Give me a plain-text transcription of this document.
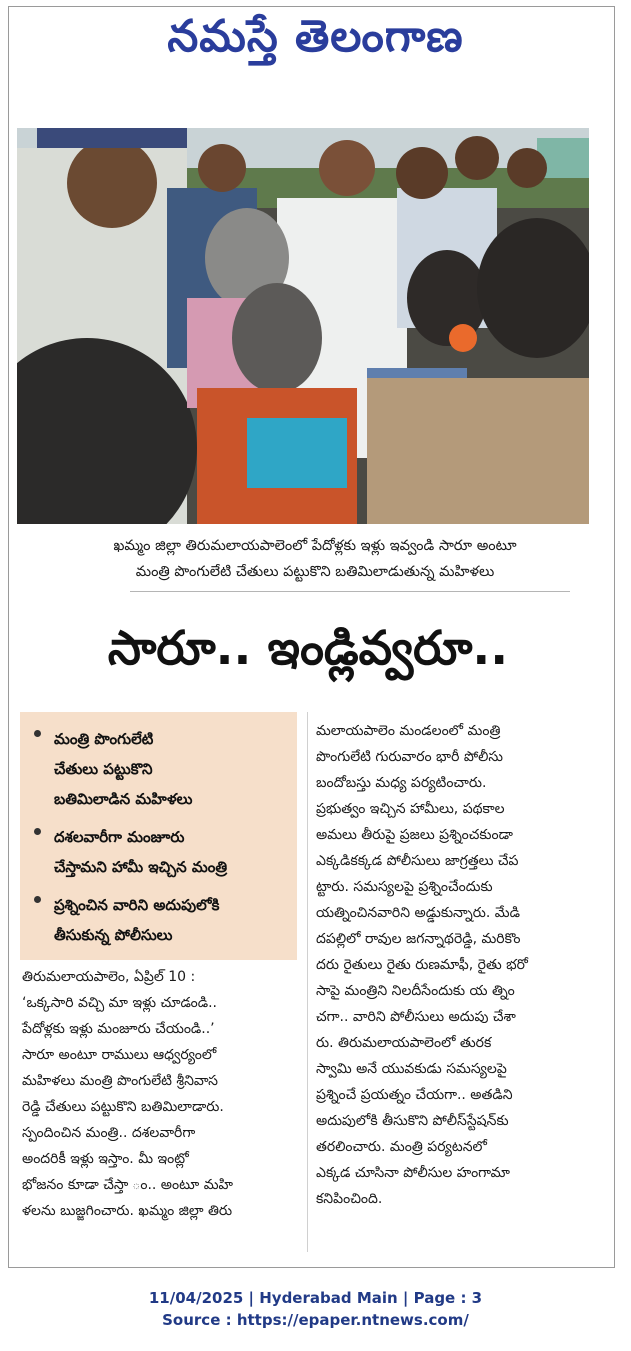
నమస్తే తెలంగాణ
ఖమ్మం జిల్లా తిరుమలాయపాలెంలో పేదోళ్లకు ఇళ్లు ఇవ్వండి సారూ అంటూ
మంత్రి పొంగులేటి చేతులు పట్టుకొని బతిమిలాడుతున్న మహిళలు
సారూ.. ఇండ్లివ్వరూ..
మంత్రి పొంగులేటి
చేతులు పట్టుకొని
బతిమిలాడిన మహిళలు
దశలవారీగా మంజూరు
చేస్తామని హామీ ఇచ్చిన మంత్రి
ప్రశ్నించిన వారిని అదుపులోకి
తీసుకున్న పోలీసులు

తిరుమలాయపాలెం, ఏప్రిల్ 10 :

‘ఒక్కసారి వచ్చి మా ఇళ్లు చూడండి..

పేదోళ్లకు ఇళ్లు మంజూరు చేయండి..’

సారూ అంటూ రాములు ఆధ్వర్యంలో

మహిళలు మంత్రి పొంగులేటి శ్రీనివాస

రెడ్డి చేతులు పట్టుకొని బతిమిలాడారు.

స్పందించిన మంత్రి.. దశలవారీగా

అందరికీ ఇళ్లు ఇస్తాం. మీ ఇంట్లో

భోజనం కూడా చేస్తా ం.. అంటూ మహి

ళలను బుజ్జగించారు. ఖమ్మం జిల్లా తిరు

మలాయపాలెం మండలంలో మంత్రి

పొంగులేటి గురువారం భారీ పోలీసు

బందోబస్తు మధ్య పర్యటించారు.

ప్రభుత్వం ఇచ్చిన హామీలు, పథకాల

అమలు తీరుపై ప్రజలు ప్రశ్నించకుండా

ఎక్కడికక్కడ పోలీసులు జాగ్రత్తలు చేప

ట్టారు. సమస్యలపై ప్రశ్నించేందుకు

యత్నించినవారిని అడ్డుకున్నారు. మేడి

దపల్లిలో రావుల జగన్నాథరెడ్డి, మరికొం

దరు రైతులు రైతు రుణమాఫీ, రైతు భరో

సాపై మంత్రిని నిలదీసేందుకు య త్నిం

చగా.. వారిని పోలీసులు అదుపు చేశా

రు. తిరుమలాయపాలెంలో తురక

స్వామి అనే యువకుడు సమస్యలపై

ప్రశ్నించే ప్రయత్నం చేయగా.. అతడిని

అదుపులోకి తీసుకొని పోలీస్‌స్టేషన్‌కు

తరలించారు. మంత్రి పర్యటనలో

ఎక్కడ చూసినా పోలీసుల హంగామా

కనిపించింది.

11/04/2025 | Hyderabad Main | Page : 3
Source : https://epaper.ntnews.com/
